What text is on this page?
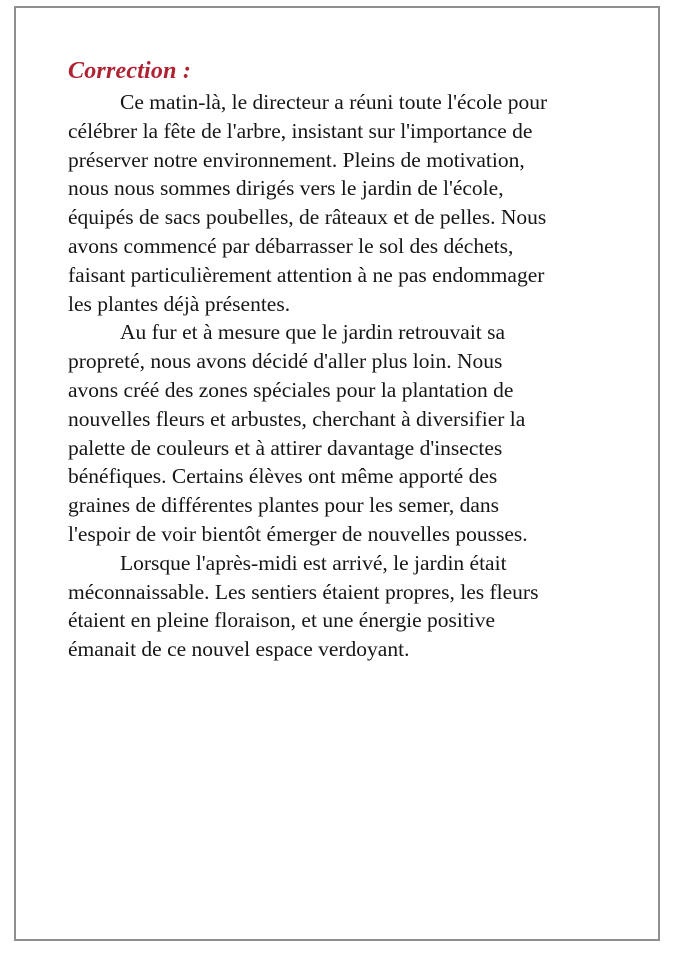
Correction :
Ce matin-là, le directeur a réuni toute l'école pour
célébrer la fête de l'arbre, insistant sur l'importance de
préserver notre environnement. Pleins de motivation,
nous nous sommes dirigés vers le jardin de l'école,
équipés de sacs poubelles, de râteaux et de pelles. Nous
avons commencé par débarrasser le sol des déchets,
faisant particulièrement attention à ne pas endommager
les plantes déjà présentes.
Au fur et à mesure que le jardin retrouvait sa
propreté, nous avons décidé d'aller plus loin. Nous
avons créé des zones spéciales pour la plantation de
nouvelles fleurs et arbustes, cherchant à diversifier la
palette de couleurs et à attirer davantage d'insectes
bénéfiques. Certains élèves ont même apporté des
graines de différentes plantes pour les semer, dans
l'espoir de voir bientôt émerger de nouvelles pousses.
Lorsque l'après-midi est arrivé, le jardin était
méconnaissable. Les sentiers étaient propres, les fleurs
étaient en pleine floraison, et une énergie positive
émanait de ce nouvel espace verdoyant.
